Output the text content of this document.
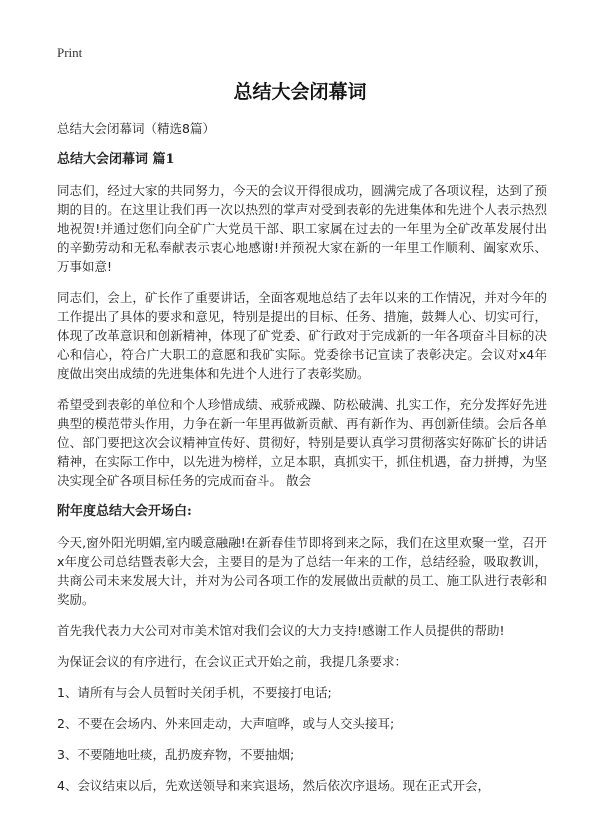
Print
总结大会闭幕词

总结大会闭幕词（精选8篇）

总结大会闭幕词 篇1

同志们，经过大家的共同努力，今天的会议开得很成功，圆满完成了各项议程，达到了预期的目的。在这里让我们再一次以热烈的掌声对受到表彰的先进集体和先进个人表示热烈地祝贺!并通过您们向全矿广大党员干部、职工家属在过去的一年里为全矿改革发展付出的辛勤劳动和无私奉献表示衷心地感谢!并预祝大家在新的一年里工作顺利、阖家欢乐、万事如意!

同志们，会上，矿长作了重要讲话，全面客观地总结了去年以来的工作情况，并对今年的工作提出了具体的要求和意见，特别是提出的目标、任务、措施，鼓舞人心、切实可行，体现了改革意识和创新精神，体现了矿党委、矿行政对于完成新的一年各项奋斗目标的决心和信心，符合广大职工的意愿和我矿实际。党委徐书记宣读了表彰决定。会议对x4年度做出突出成绩的先进集体和先进个人进行了表彰奖励。

希望受到表彰的单位和个人珍惜成绩、戒骄戒躁、防松破满、扎实工作，充分发挥好先进典型的模范带头作用，力争在新一年里再做新贡献、再有新作为、再创新佳绩。会后各单位、部门要把这次会议精神宣传好、贯彻好，特别是要认真学习贯彻落实好陈矿长的讲话精神，在实际工作中，以先进为榜样，立足本职，真抓实干，抓住机遇，奋力拼搏，为坚决实现全矿各项目标任务的完成而奋斗。 散会

附年度总结大会开场白:

今天,窗外阳光明媚,室内暖意融融!在新春佳节即将到来之际，我们在这里欢聚一堂，召开x年度公司总结暨表彰大会，主要目的是为了总结一年来的工作，总结经验，吸取教训，共商公司未来发展大计，并对为公司各项工作的发展做出贡献的员工、施工队进行表彰和奖励。

首先我代表力大公司对市美术馆对我们会议的大力支持!感谢工作人员提供的帮助!

为保证会议的有序进行，在会议正式开始之前，我提几条要求：

1、请所有与会人员暂时关闭手机，不要接打电话;

2、不要在会场内、外来回走动，大声喧哗，或与人交头接耳;

3、不要随地吐痰，乱扔废弃物，不要抽烟;

4、会议结束以后，先欢送领导和来宾退场，然后依次序退场。现在正式开会，
